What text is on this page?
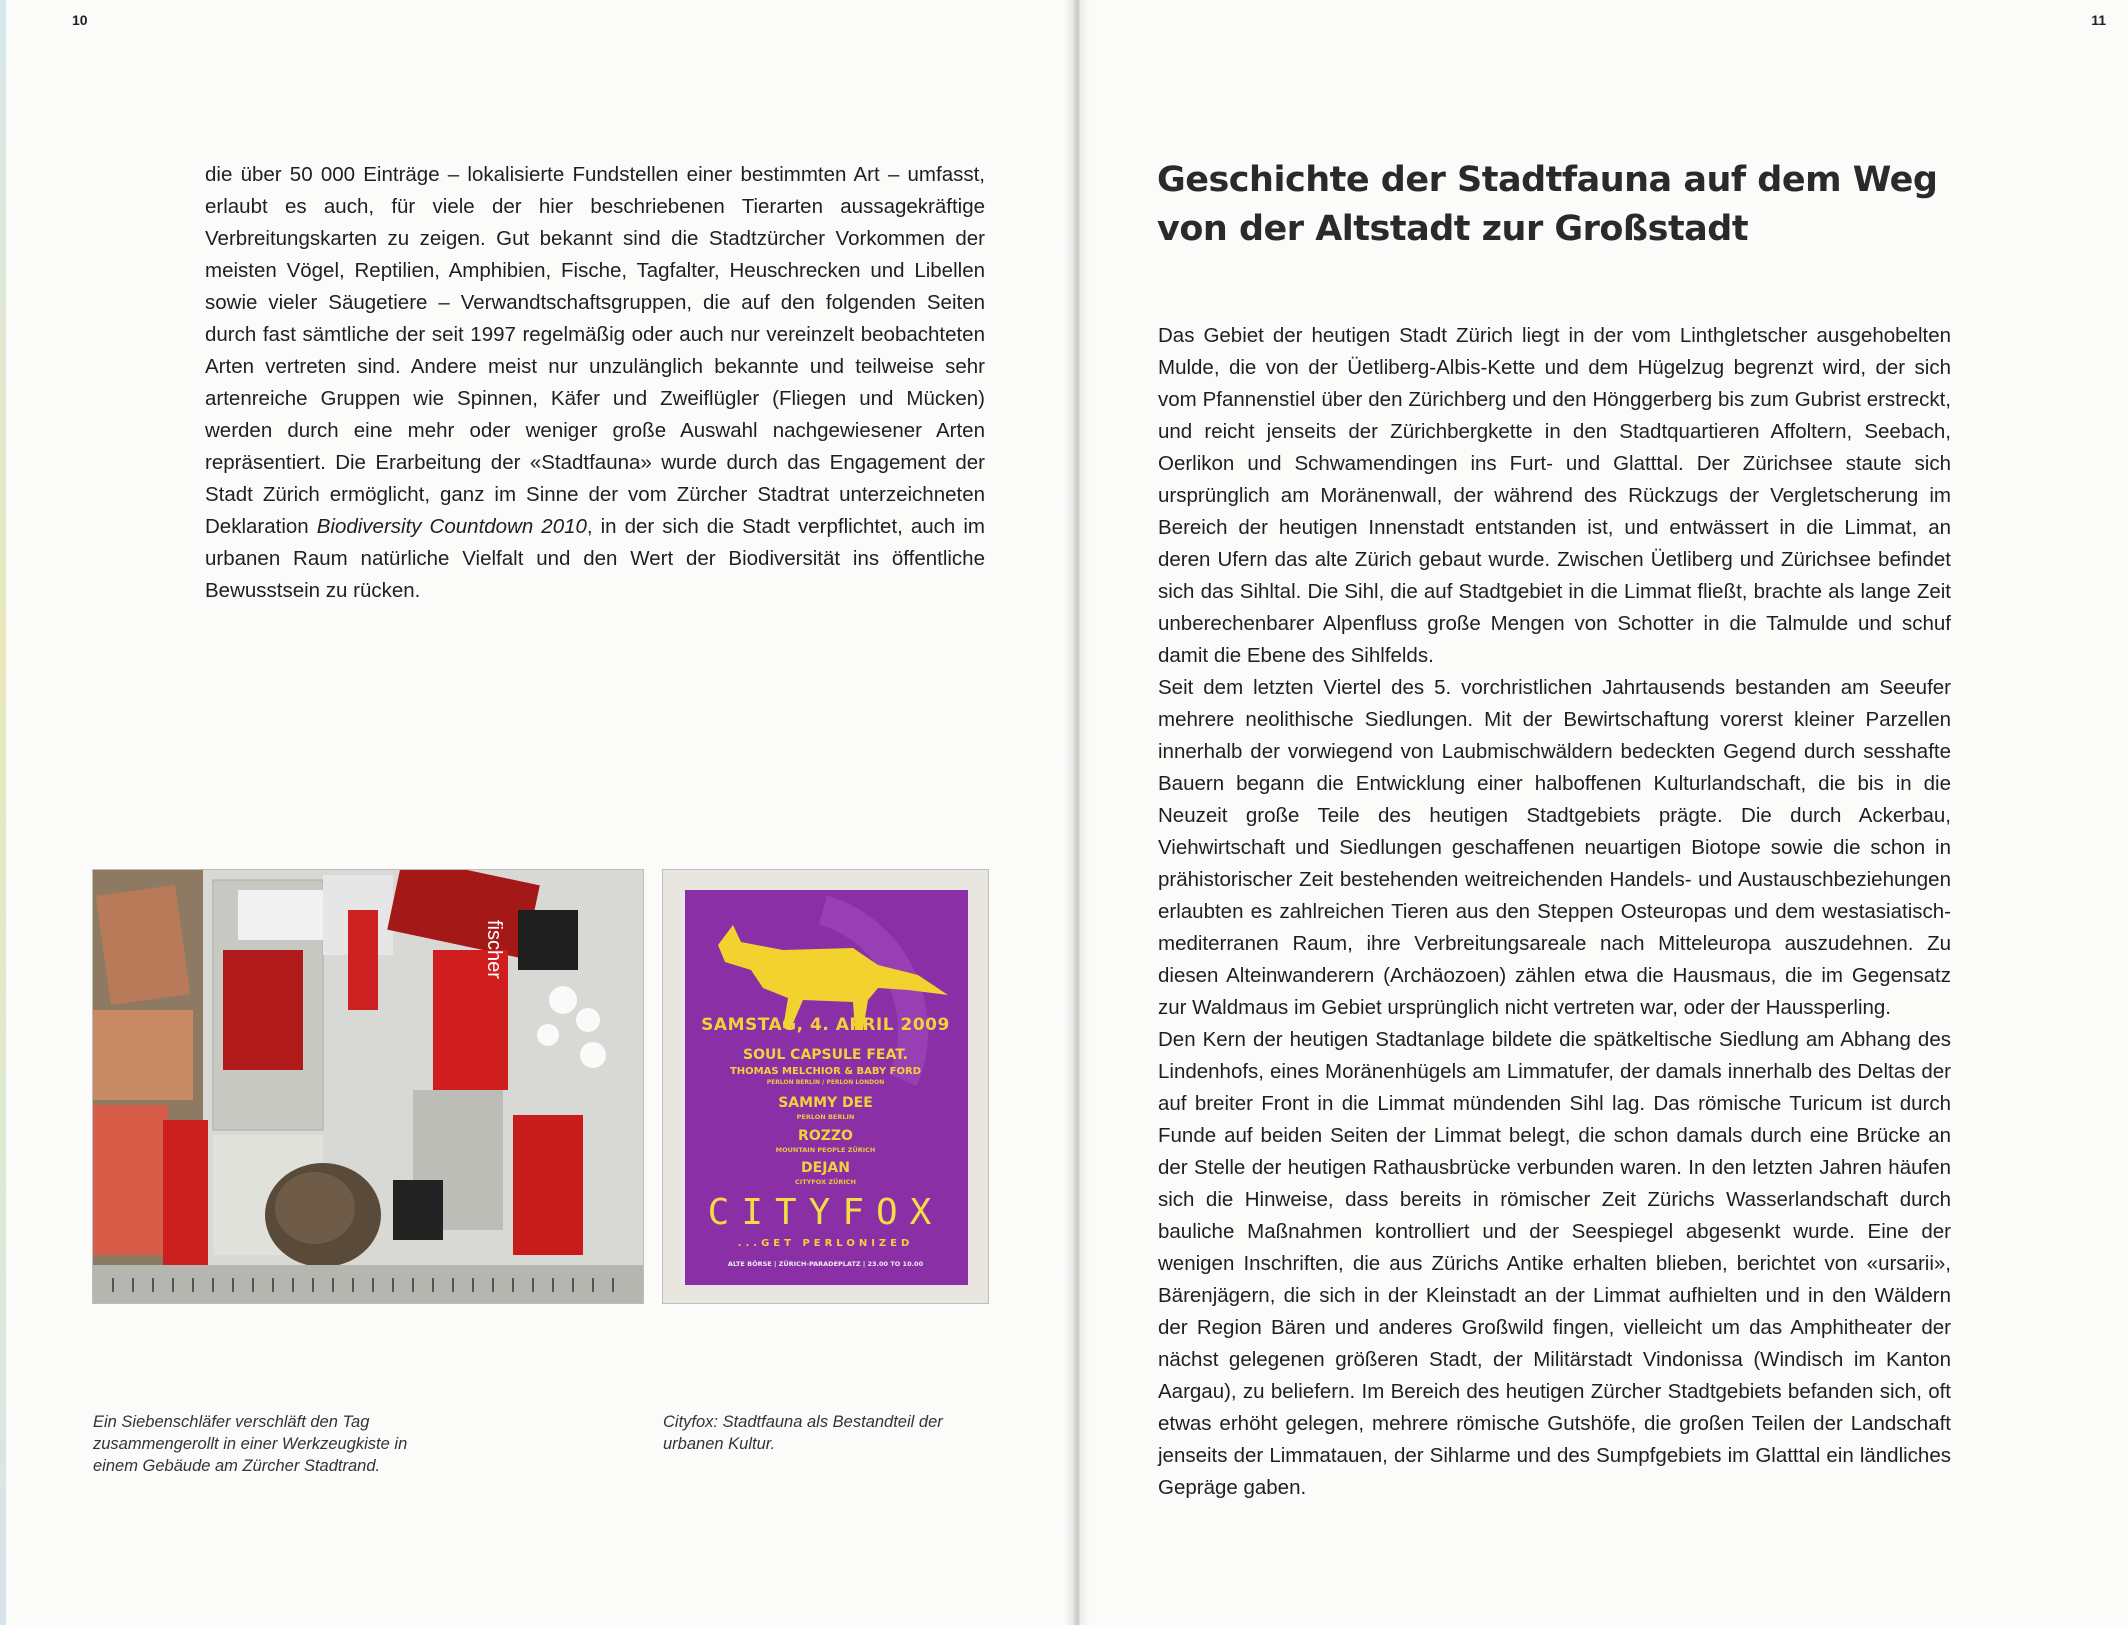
10	11

die über 50 000 Einträge – lokalisierte Fundstellen einer bestimmten Art – umfasst, erlaubt es auch, für viele der hier beschriebenen Tierarten aussagekräftige Verbreitungskarten zu zeigen. Gut bekannt sind die Stadtzürcher Vorkommen der meisten Vögel, Reptilien, Amphibien, Fische, Tagfalter, Heuschrecken und Libellen sowie vieler Säugetiere – Verwandtschaftsgruppen, die auf den folgenden Seiten durch fast sämtliche der seit 1997 regelmäßig oder auch nur vereinzelt beobachteten Arten vertreten sind. Andere meist nur unzulänglich bekannte und teilweise sehr artenreiche Gruppen wie Spinnen, Käfer und Zweiflügler (Fliegen und Mücken) werden durch eine mehr oder weniger große Auswahl nachgewiesener Arten repräsentiert. Die Erarbeitung der «Stadtfauna» wurde durch das Engagement der Stadt Zürich ermöglicht, ganz im Sinne der vom Zürcher Stadtrat unterzeichneten Deklaration Biodiversity Countdown 2010, in der sich die Stadt verpflichtet, auch im urbanen Raum natürliche Vielfalt und den Wert der Biodiversität ins öffentliche Bewusstsein zu rücken.

fischer
SAMSTAG, 4. APRIL 2009
SOUL CAPSULE FEAT.
THOMAS MELCHIOR & BABY FORD
PERLON BERLIN / PERLON LONDON
SAMMY DEE
PERLON BERLIN
ROZZO
MOUNTAIN PEOPLE ZÜRICH
DEJAN
CITYFOX ZÜRICH
CITYFOX
...GET PERLONIZED
ALTE BÖRSE | ZÜRICH-PARADEPLATZ | 23.00 TO 10.00

Ein Siebenschläfer verschläft den Tag zusammengerollt in einer Werkzeugkiste in einem Gebäude am Zürcher Stadtrand.

Cityfox: Stadtfauna als Bestandteil der urbanen Kultur.

Geschichte der Stadtfauna auf dem Weg von der Altstadt zur Großstadt

Das Gebiet der heutigen Stadt Zürich liegt in der vom Linthgletscher ausgehobelten Mulde, die von der Üetliberg-Albis-Kette und dem Hügelzug begrenzt wird, der sich vom Pfannenstiel über den Zürichberg und den Hönggerberg bis zum Gubrist erstreckt, und reicht jenseits der Zürichbergkette in den Stadtquartieren Affoltern, Seebach, Oerlikon und Schwamendingen ins Furt- und Glatttal. Der Zürichsee staute sich ursprünglich am Moränenwall, der während des Rückzugs der Vergletscherung im Bereich der heutigen Innenstadt entstanden ist, und entwässert in die Limmat, an deren Ufern das alte Zürich gebaut wurde. Zwischen Üetliberg und Zürichsee befindet sich das Sihltal. Die Sihl, die auf Stadtgebiet in die Limmat fließt, brachte als lange Zeit unberechenbarer Alpenfluss große Mengen von Schotter in die Talmulde und schuf damit die Ebene des Sihlfelds.

Seit dem letzten Viertel des 5. vorchristlichen Jahrtausends bestanden am Seeufer mehrere neolithische Siedlungen. Mit der Bewirtschaftung vorerst kleiner Parzellen innerhalb der vorwiegend von Laubmischwäldern bedeckten Gegend durch sesshafte Bauern begann die Entwicklung einer halboffenen Kulturlandschaft, die bis in die Neuzeit große Teile des heutigen Stadtgebiets prägte. Die durch Ackerbau, Viehwirtschaft und Siedlungen geschaffenen neuartigen Biotope sowie die schon in prähistorischer Zeit bestehenden weitreichenden Handels- und Austauschbeziehungen erlaubten es zahlreichen Tieren aus den Steppen Osteuropas und dem westasiatisch-mediterranen Raum, ihre Verbreitungsareale nach Mitteleuropa auszudehnen. Zu diesen Alteinwanderern (Archäozoen) zählen etwa die Hausmaus, die im Gegensatz zur Waldmaus im Gebiet ursprünglich nicht vertreten war, oder der Haussperling.

Den Kern der heutigen Stadtanlage bildete die spätkeltische Siedlung am Abhang des Lindenhofs, eines Moränenhügels am Limmatufer, der damals innerhalb des Deltas der auf breiter Front in die Limmat mündenden Sihl lag. Das römische Turicum ist durch Funde auf beiden Seiten der Limmat belegt, die schon damals durch eine Brücke an der Stelle der heutigen Rathausbrücke verbunden waren. In den letzten Jahren häufen sich die Hinweise, dass bereits in römischer Zeit Zürichs Wasserlandschaft durch bauliche Maßnahmen kontrolliert und der Seespiegel abgesenkt wurde. Eine der wenigen Inschriften, die aus Zürichs Antike erhalten blieben, berichtet von «ursarii», Bärenjägern, die sich in der Kleinstadt an der Limmat aufhielten und in den Wäldern der Region Bären und anderes Großwild fingen, vielleicht um das Amphitheater der nächst gelegenen größeren Stadt, der Militärstadt Vindonissa (Windisch im Kanton Aargau), zu beliefern. Im Bereich des heutigen Zürcher Stadtgebiets befanden sich, oft etwas erhöht gelegen, mehrere römische Gutshöfe, die großen Teilen der Landschaft jenseits der Limmatauen, der Sihlarme und des Sumpfgebiets im Glatttal ein ländliches Gepräge gaben.
